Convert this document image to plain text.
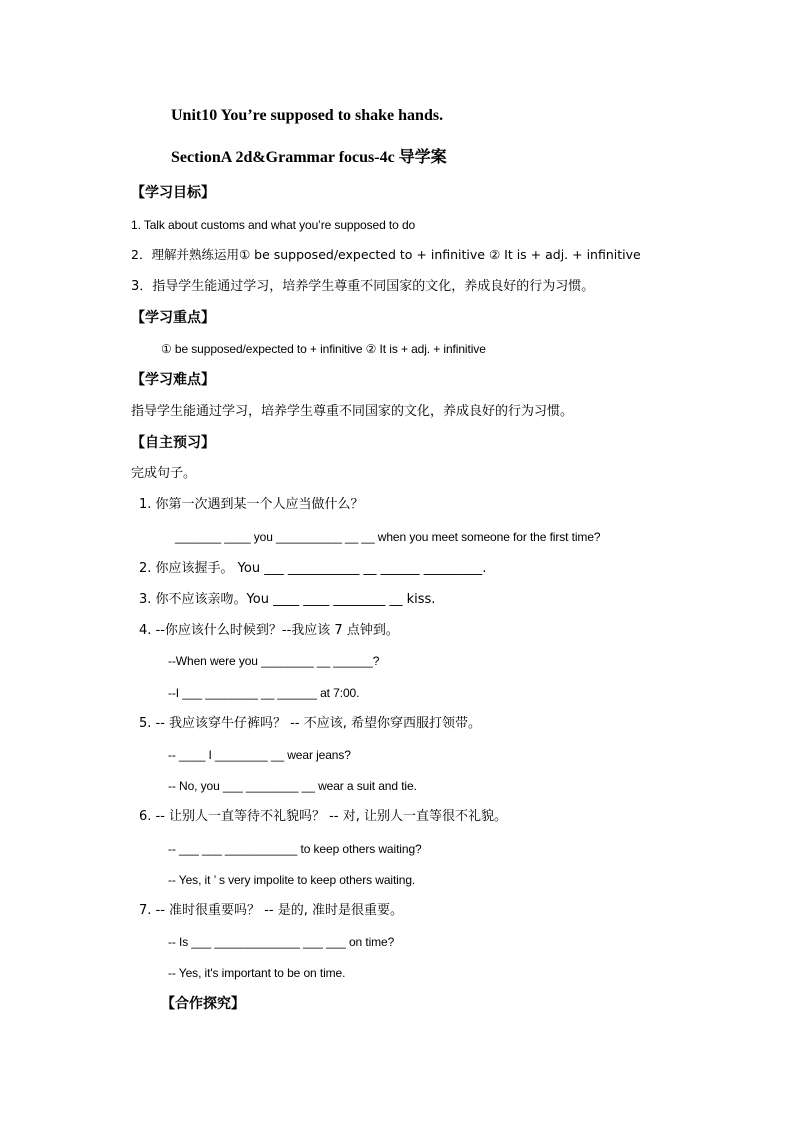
Unit10 You’re supposed to shake hands.
SectionA 2d&Grammar focus-4c 导学案
【学习目标】
1. Talk about customs and what you’re supposed to do
2．理解并熟练运用① be supposed/expected to + infinitive ② It is + adj. + infinitive
3．指导学生能通过学习，培养学生尊重不同国家的文化，养成良好的行为习惯。
【学习重点】
① be supposed/expected to + infinitive ② It is + adj. + infinitive
【学习难点】
指导学生能通过学习，培养学生尊重不同国家的文化，养成良好的行为习惯。
【自主预习】
完成句子。
1. 你第一次遇到某一个人应当做什么？
_______ ____ you __________ __ __ when you meet someone for the first time?
2. 你应该握手。 You ___ ___________ __ ______ _________.
3. 你不应该亲吻。You ____ ____ ________ __ kiss.
4. --你应该什么时候到？--我应该 7 点钟到。
--When were you ________ __ ______?
--I ___ ________ __ ______ at 7:00.
5. -- 我应该穿牛仔裤吗？ -- 不应该, 希望你穿西服打领带。
-- ____ I ________ __ wear jeans?
-- No, you ___ ________ __ wear a suit and tie.
6. -- 让别人一直等待不礼貌吗？ -- 对, 让别人一直等很不礼貌。
-- ___ ___ ___________ to keep others waiting?
-- Yes, it ’ s very impolite to keep others waiting.
7. -- 准时很重要吗？ -- 是的, 准时是很重要。
-- Is ___ _____________ ___ ___ on time?
-- Yes, it's important to be on time.
【合作探究】
